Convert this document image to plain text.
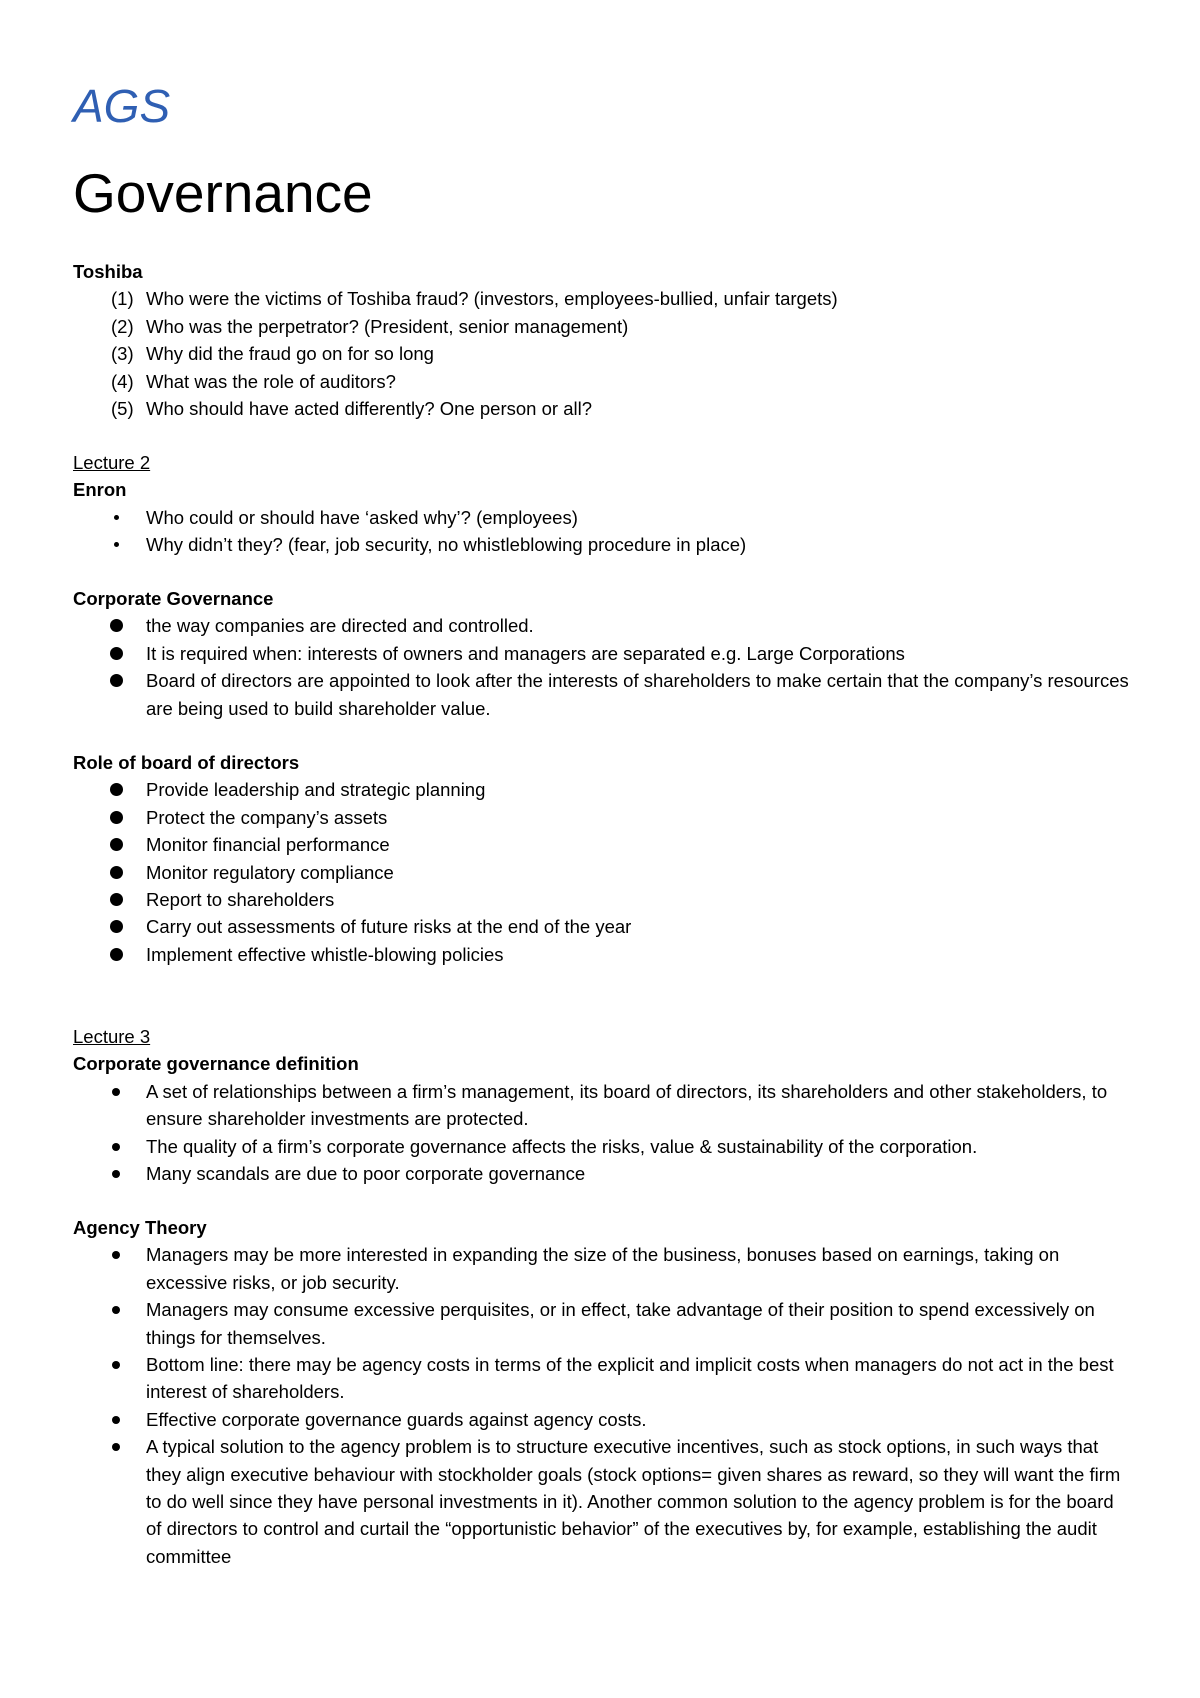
AGS
Governance
Toshiba
(1) Who were the victims of Toshiba fraud? (investors, employees-bullied, unfair targets)
(2) Who was the perpetrator? (President, senior management)
(3) Why did the fraud go on for so long
(4) What was the role of auditors?
(5) Who should have acted differently? One person or all?
Lecture 2
Enron
Who could or should have ‘asked why’? (employees)
Why didn’t they? (fear, job security, no whistleblowing procedure in place)
Corporate Governance
the way companies are directed and controlled.
It is required when: interests of owners and managers are separated e.g. Large Corporations
Board of directors are appointed to look after the interests of shareholders to make certain that the company’s resources are being used to build shareholder value.
Role of board of directors
Provide leadership and strategic planning
Protect the company’s assets
Monitor financial performance
Monitor regulatory compliance
Report to shareholders
Carry out assessments of future risks at the end of the year
Implement effective whistle-blowing policies
Lecture 3
Corporate governance definition
A set of relationships between a firm’s management, its board of directors, its shareholders and other stakeholders, to ensure shareholder investments are protected.
The quality of a firm’s corporate governance affects the risks, value & sustainability of the corporation.
Many scandals are due to poor corporate governance
Agency Theory
Managers may be more interested in expanding the size of the business, bonuses based on earnings, taking on excessive risks, or job security.
Managers may consume excessive perquisites, or in effect, take advantage of their position to spend excessively on things for themselves.
Bottom line: there may be agency costs in terms of the explicit and implicit costs when managers do not act in the best interest of shareholders.
Effective corporate governance guards against agency costs.
A typical solution to the agency problem is to structure executive incentives, such as stock options, in such ways that they align executive behaviour with stockholder goals (stock options= given shares as reward, so they will want the firm to do well since they have personal investments in it). Another common solution to the agency problem is for the board of directors to control and curtail the “opportunistic behavior” of the executives by, for example, establishing the audit committee
